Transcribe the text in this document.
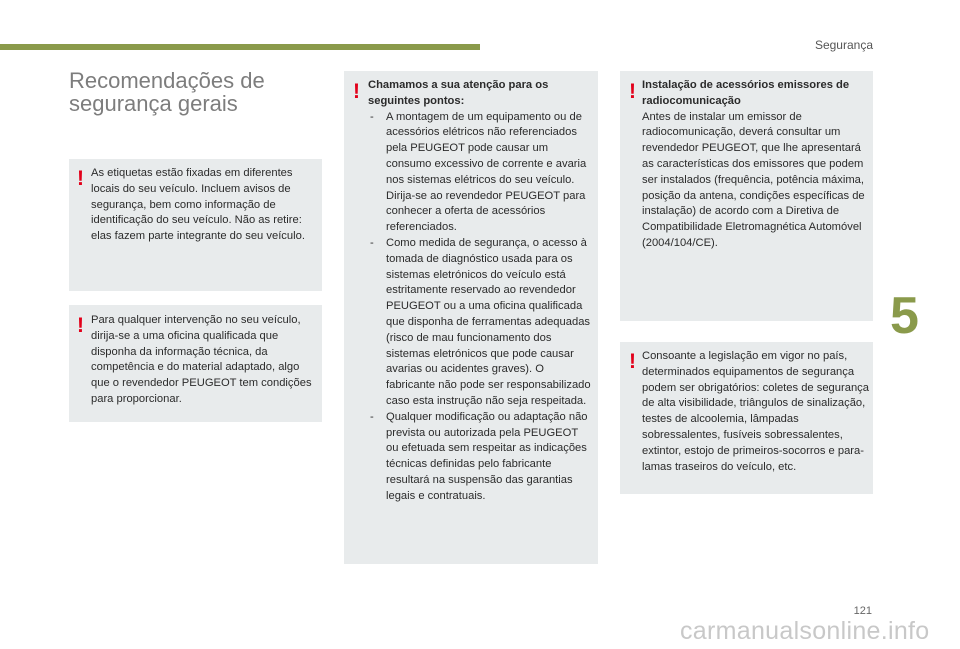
Segurança
5
121
Recomendações de
segurança gerais
! As etiquetas estão fixadas em diferentes locais do seu veículo. Incluem avisos de segurança, bem como informação de identificação do seu veículo. Não as retire: elas fazem parte integrante do seu veículo.

! Para qualquer intervenção no seu veículo, dirija-se a uma oficina qualificada que disponha da informação técnica, da competência e do material adaptado, algo que o revendedor PEUGEOT tem condições para proporcionar.

! Chamamos a sua atenção para os seguintes pontos:

- A montagem de um equipamento ou de acessórios elétricos não referenciados pela PEUGEOT pode causar um consumo excessivo de corrente e avaria nos sistemas elétricos do seu veículo. Dirija-se ao revendedor PEUGEOT para conhecer a oferta de acessórios referenciados.
- Como medida de segurança, o acesso à tomada de diagnóstico usada para os sistemas eletrónicos do veículo está estritamente reservado ao revendedor PEUGEOT ou a uma oficina qualificada que disponha de ferramentas adequadas (risco de mau funcionamento dos sistemas eletrónicos que pode causar avarias ou acidentes graves). O fabricante não pode ser responsabilizado caso esta instrução não seja respeitada.
- Qualquer modificação ou adaptação não prevista ou autorizada pela PEUGEOT ou efetuada sem respeitar as indicações técnicas definidas pelo fabricante resultará na suspensão das garantias legais e contratuais.
! Instalação de acessórios emissores de radiocomunicação

Antes de instalar um emissor de radiocomunicação, deverá consultar um revendedor PEUGEOT, que lhe apresentará as características dos emissores que podem ser instalados (frequência, potência máxima, posição da antena, condições específicas de instalação) de acordo com a Diretiva de Compatibilidade Eletromagnética Automóvel (2004/104/CE).

! Consoante a legislação em vigor no país, determinados equipamentos de segurança podem ser obrigatórios: coletes de segurança de alta visibilidade, triângulos de sinalização, testes de alcoolemia, lâmpadas sobressalentes, fusíveis sobressalentes, extintor, estojo de primeiros-socorros e para-lamas traseiros do veículo, etc.

carmanualsonline.info
